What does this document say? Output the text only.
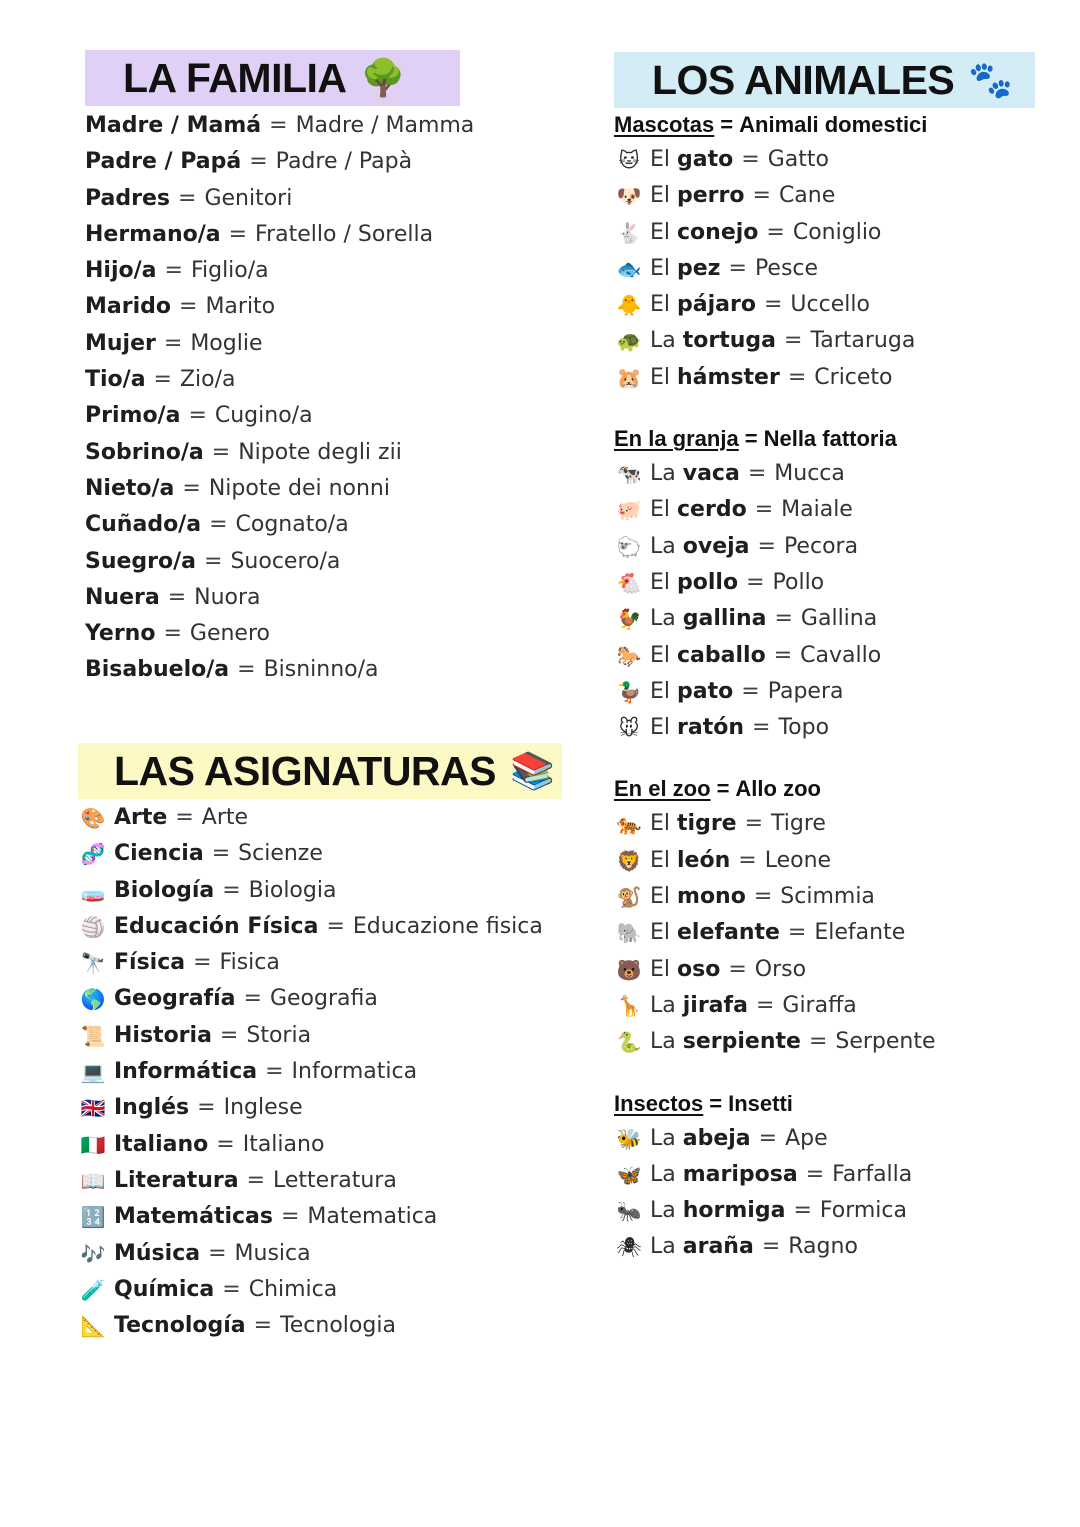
LA FAMILIA 🌳
Madre / Mamá = Madre / Mamma
Padre / Papá = Padre / Papà
Padres = Genitori
Hermano/a = Fratello / Sorella
Hijo/a = Figlio/a
Marido = Marito
Mujer = Moglie
Tio/a = Zio/a
Primo/a = Cugino/a
Sobrino/a = Nipote degli zii
Nieto/a = Nipote dei nonni
Cuñado/a = Cognato/a
Suegro/a = Suocero/a
Nuera = Nuora
Yerno = Genero
Bisabuelo/a = Bisninno/a
LAS ASIGNATURAS 📚
🎨 Arte = Arte
🧬 Ciencia = Scienze
🧫 Biología = Biologia
🏐 Educación Física = Educazione fisica
🔭 Física = Fisica
🌎 Geografía = Geografia
📜 Historia = Storia
💻 Informática = Informatica
🇬🇧 Inglés = Inglese
🇮🇹 Italiano = Italiano
📖 Literatura = Letteratura
🔢 Matemáticas = Matematica
🎶 Música = Musica
🧪 Química = Chimica
📐 Tecnología = Tecnologia
LOS ANIMALES 🐾
Mascotas = Animali domestici
🐱 El gato = Gatto
🐶 El perro = Cane
🐇 El conejo = Coniglio
🐟 El pez = Pesce
🐥 El pájaro = Uccello
🐢 La tortuga = Tartaruga
🐹 El hámster = Criceto
En la granja = Nella fattoria
🐄 La vaca = Mucca
🐖 El cerdo = Maiale
🐑 La oveja = Pecora
🐔 El pollo = Pollo
🐓 La gallina = Gallina
🐎 El caballo = Cavallo
🦆 El pato = Papera
🐭 El ratón = Topo
En el zoo = Allo zoo
🐅 El tigre = Tigre
🦁 El león = Leone
🐒 El mono = Scimmia
🐘 El elefante = Elefante
🐻 El oso = Orso
🦒 La jirafa = Giraffa
🐍 La serpiente = Serpente
Insectos = Insetti
🐝 La abeja = Ape
🦋 La mariposa = Farfalla
🐜 La hormiga = Formica
🕷 La araña = Ragno
